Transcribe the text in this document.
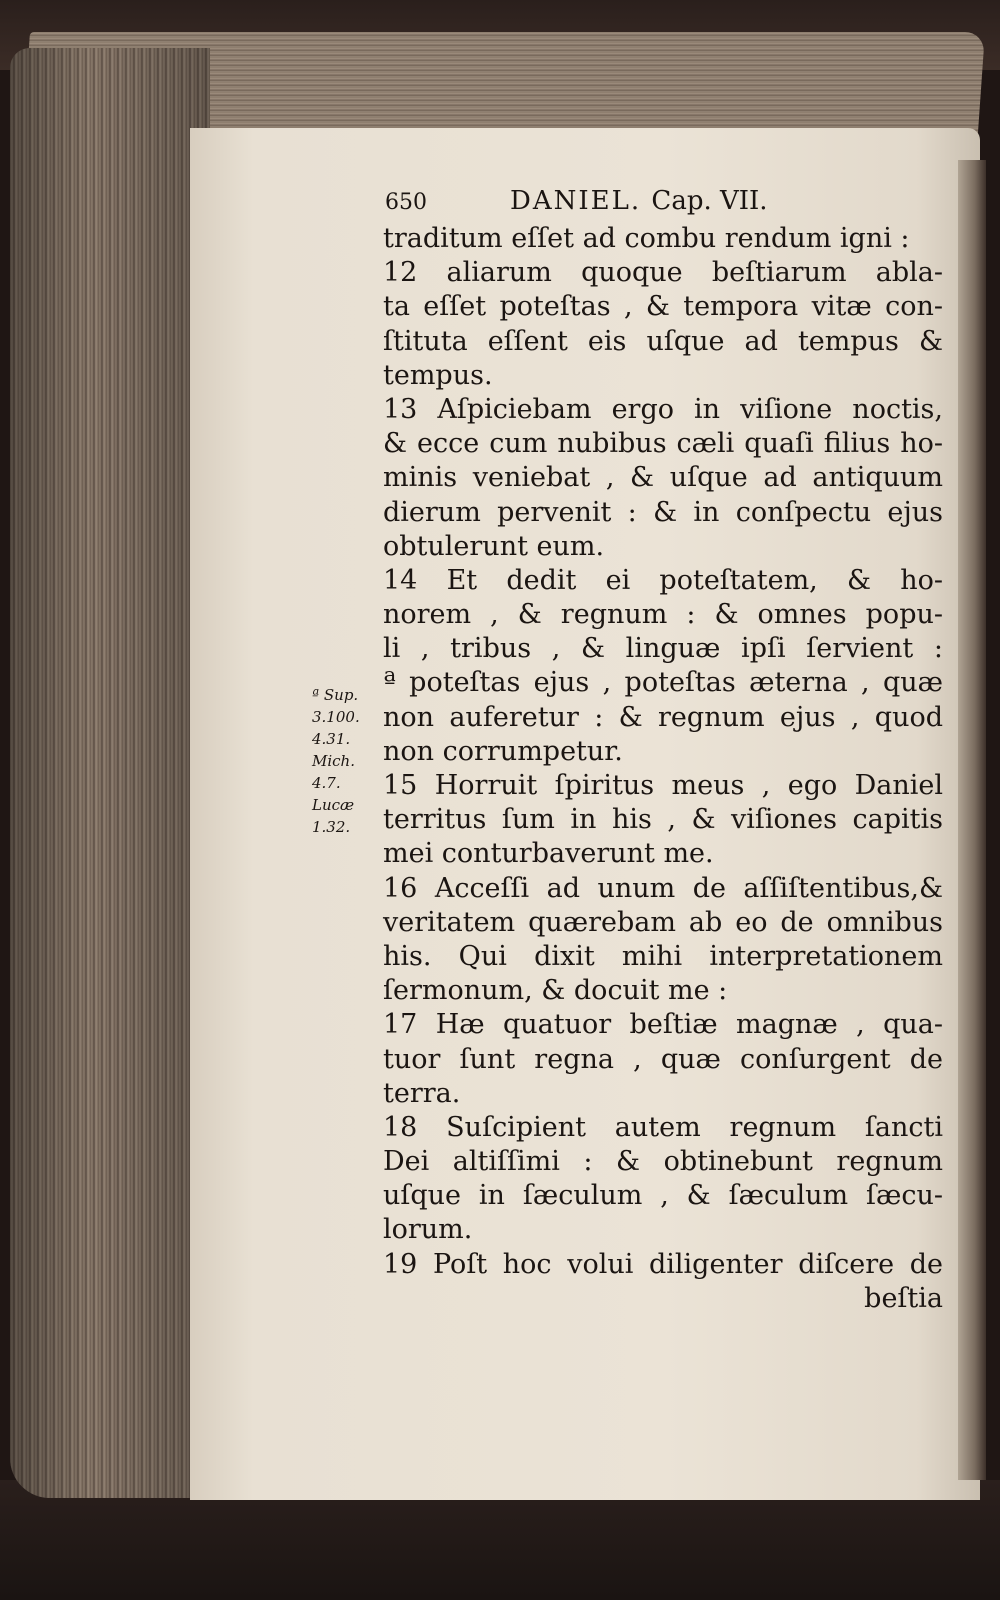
650	DANIEL. Cap. VII.
traditum eſſet ad combu rendum igni :
12 aliarum quoque beſtiarum abla-
ta eſſet poteſtas , & tempora vitæ con-
ſtituta eſſent eis uſque ad tempus &
tempus.
13 Aſpiciebam ergo in viſione noctis,
& ecce cum nubibus cæli quaſi filius ho-
minis veniebat , & uſque ad antiquum
dierum pervenit : & in conſpectu ejus
obtulerunt eum.
14 Et dedit ei poteſtatem, & ho-
norem , & regnum : & omnes popu-
li , tribus , & linguæ ipſi ſervient :
ª poteſtas ejus , poteſtas æterna , quæ
non auferetur : & regnum ejus , quod
non corrumpetur.
15 Horruit ſpiritus meus , ego Daniel
territus ſum in his , & viſiones capitis
mei conturbaverunt me.
16 Acceſſi ad unum de aſſiſtentibus,&
veritatem quærebam ab eo de omnibus
his. Qui dixit mihi interpretationem
ſermonum, & docuit me :
17 Hæ quatuor beſtiæ magnæ , qua-
tuor ſunt regna , quæ conſurgent de
terra.
18 Suſcipient autem regnum ſancti
Dei altiſſimi : & obtinebunt regnum
uſque in ſæculum , & ſæculum ſæcu-
lorum.
19 Poſt hoc volui diligenter diſcere de
beſtia
ª Sup.
3.100.
4.31.
Mich.
4.7.
Lucæ
1.32.
